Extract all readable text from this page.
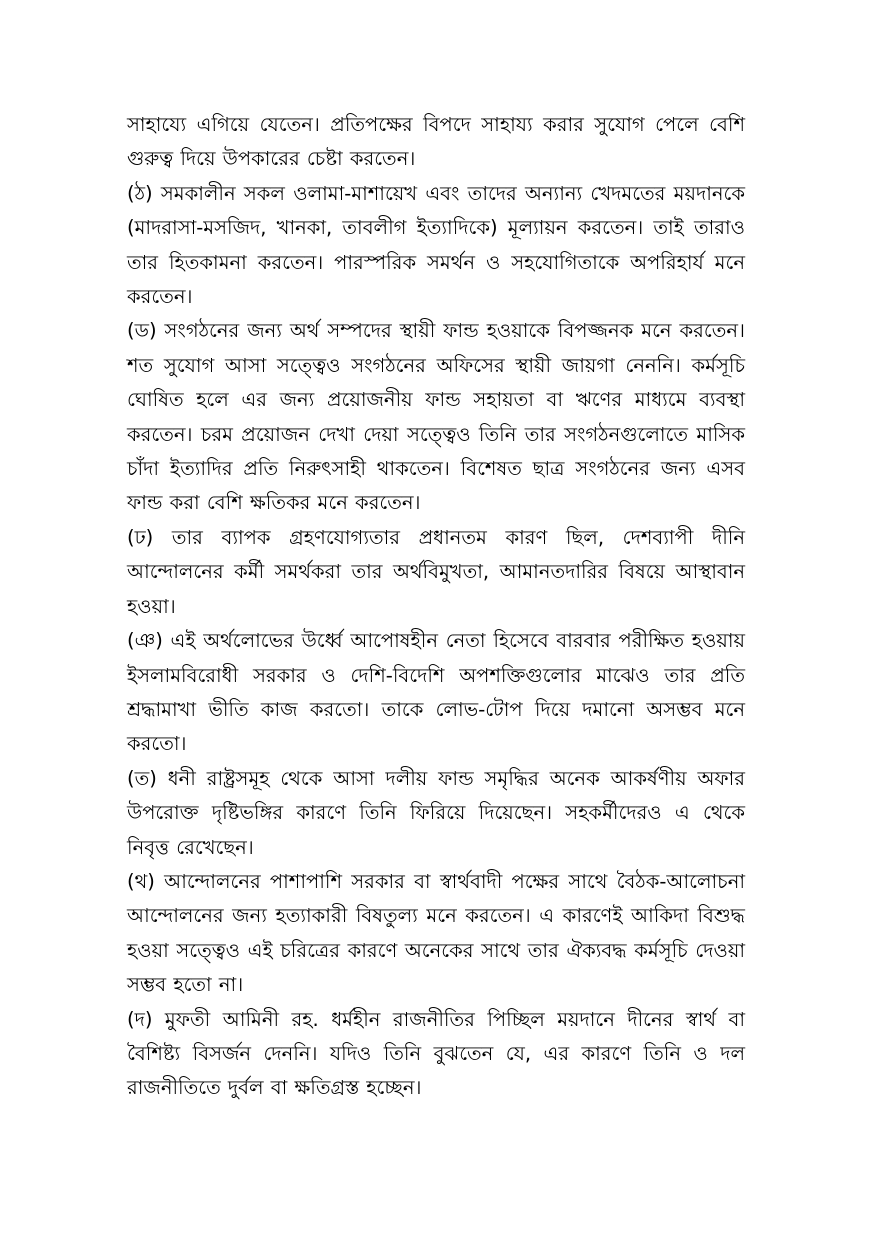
সাহায্যে এগিয়ে যেতেন। প্রতিপক্ষের বিপদে সাহায্য করার সুযোগ পেলে বেশি গুরুত্ব দিয়ে উপকারের চেষ্টা করতেন।

(ঠ) সমকালীন সকল ওলামা-মাশায়েখ এবং তাদের অন্যান্য খেদমতের ময়দানকে (মাদরাসা-মসজিদ, খানকা, তাবলীগ ইত্যাদিকে) মূল্যায়ন করতেন। তাই তারাও তার হিতকামনা করতেন। পারস্পরিক সমর্থন ও সহযোগিতাকে অপরিহার্য মনে করতেন।

(ড) সংগঠনের জন্য অর্থ সম্পদের স্থায়ী ফান্ড হওয়াকে বিপজ্জনক মনে করতেন। শত সুযোগ আসা সত্ত্বেও সংগঠনের অফিসের স্থায়ী জায়গা নেননি। কর্মসূচি ঘোষিত হলে এর জন্য প্রয়োজনীয় ফান্ড সহায়তা বা ঋণের মাধ্যমে ব্যবস্থা করতেন। চরম প্রয়োজন দেখা দেয়া সত্ত্বেও তিনি তার সংগঠনগুলোতে মাসিক চাঁদা ইত্যাদির প্রতি নিরুৎসাহী থাকতেন। বিশেষত ছাত্র সংগঠনের জন্য এসব ফান্ড করা বেশি ক্ষতিকর মনে করতেন।

(ঢ) তার ব্যাপক গ্রহণযোগ্যতার প্রধানতম কারণ ছিল, দেশব্যাপী দীনি আন্দোলনের কর্মী সমর্থকরা তার অর্থবিমুখতা, আমানতদারির বিষয়ে আস্থাবান হওয়া।

(ঞ) এই অর্থলোভের উর্ধ্বে আপোষহীন নেতা হিসেবে বারবার পরীক্ষিত হওয়ায় ইসলামবিরোধী সরকার ও দেশি-বিদেশি অপশক্তিগুলোর মাঝেও তার প্রতি শ্রদ্ধামাখা ভীতি কাজ করতো। তাকে লোভ-টোপ দিয়ে দমানো অসম্ভব মনে করতো।

(ত) ধনী রাষ্ট্রসমূহ থেকে আসা দলীয় ফান্ড সমৃদ্ধির অনেক আকর্ষণীয় অফার উপরোক্ত দৃষ্টিভঙ্গির কারণে তিনি ফিরিয়ে দিয়েছেন। সহকর্মীদেরও এ থেকে নিবৃত্ত রেখেছেন।

(থ) আন্দোলনের পাশাপাশি সরকার বা স্বার্থবাদী পক্ষের সাথে বৈঠক-আলোচনা আন্দোলনের জন্য হত্যাকারী বিষতুল্য মনে করতেন। এ কারণেই আকিদা বিশুদ্ধ হওয়া সত্ত্বেও এই চরিত্রের কারণে অনেকের সাথে তার ঐক্যবদ্ধ কর্মসূচি দেওয়া সম্ভব হতো না।

(দ) মুফতী আমিনী রহ. ধর্মহীন রাজনীতির পিচ্ছিল ময়দানে দীনের স্বার্থ বা বৈশিষ্ট্য বিসর্জন দেননি। যদিও তিনি বুঝতেন যে, এর কারণে তিনি ও দল রাজনীতিতে দুর্বল বা ক্ষতিগ্রস্ত হচ্ছেন।
